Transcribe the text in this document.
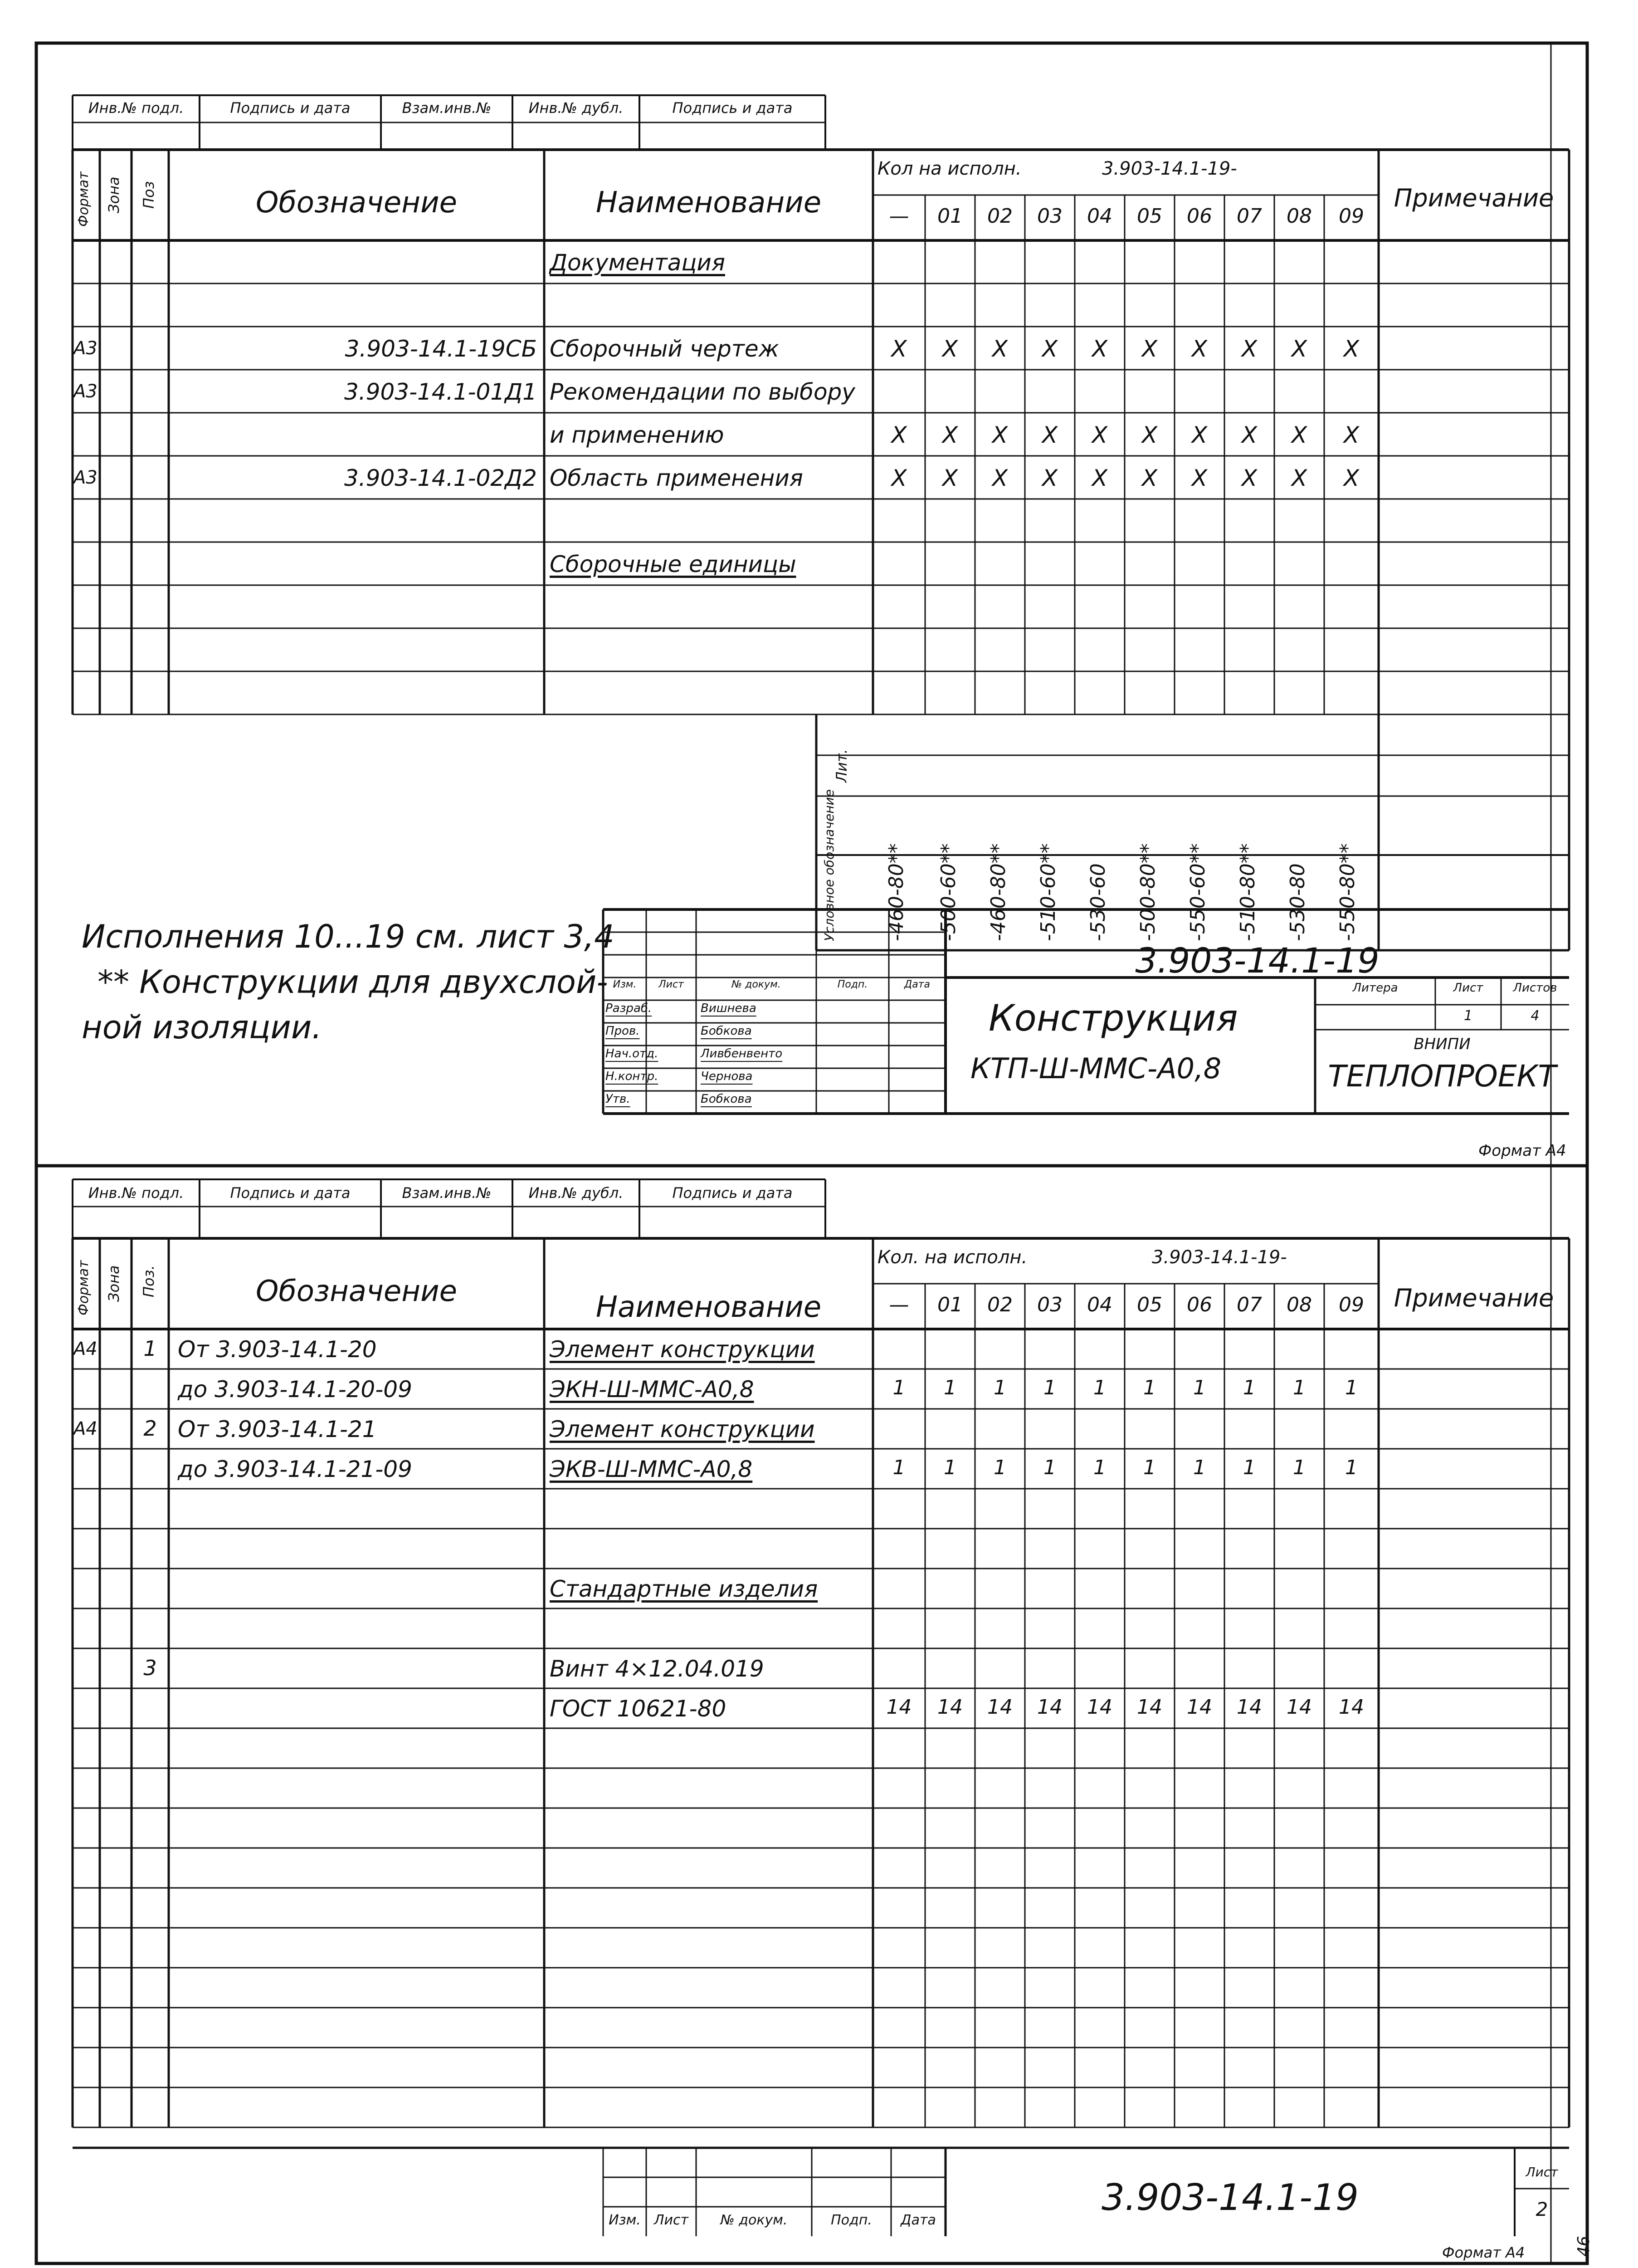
Инв.№ подл.	Подпись и дата	Взам.инв.№	Инв.№ дубл.	Подпись и дата
Формат Зона Поз	Обозначение	Наименование
Кол на исполн.	3.903-14.1-19-
—	01	02	03	04	05	06	07	08	09
Примечание
Документация
А3	3.903-14.1-19СБ Сборочный чертеж	X	X	X	X	X	X	X	X	X	X
А3	3.903-14.1-01Д1 Рекомендации по выбору
и применению	X	X	X	X	X	X	X	X	X	X
А3	3.903-14.1-02Д2 Область применения	X	X	X	X	X	X	X	X	X	X
Сборочные единицы
Лит.
Условное обозначение -460-80** -500-60** -460-80** -510-60** -530-60 -500-80** -550-60** -510-80** -530-80 -550-80**
Исполнения 10...19 см. лист 3,4
** Конструкции для двухслой-
ной изоляции.
Изм.	Лист	№ докум.	Подп.	Дата
Разраб.	Вишнева
Пров.	Бобкова
Нач.отд.	Ливбенвенто
Н.контр.	Чернова
Утв.	Бобкова
3.903-14.1-19
Конструкция
КТП-Ш-ММС-А0,8
Литера	Лист	Листов
1	4
ВНИПИ
ТЕПЛОПРОЕКТ
Формат А4
Инв.№ подл.	Подпись и дата	Взам.инв.№	Инв.№ дубл.	Подпись и дата
Формат Зона Поз.	Обозначение	Наименование
Кол. на исполн.	3.903-14.1-19-
—	01	02	03	04	05	06	07	08	09	Примечание
А4	1 От 3.903-14.1-20	Элемент конструкции
до 3.903-14.1-20-09	ЭКН-Ш-ММС-А0,8	1	1	1	1	1	1	1	1	1	1
А4	2 От 3.903-14.1-21	Элемент конструкции
до 3.903-14.1-21-09	ЭКВ-Ш-ММС-А0,8	1	1	1	1	1	1	1	1	1	1
Стандартные изделия
3	Винт 4×12.04.019
ГОСТ 10621-80	14	14	14	14	14	14	14	14	14	14
Изм. Лист	№ докум.	Подп.	Дата
3.903-14.1-19
Лист
2
Формат А4	46
